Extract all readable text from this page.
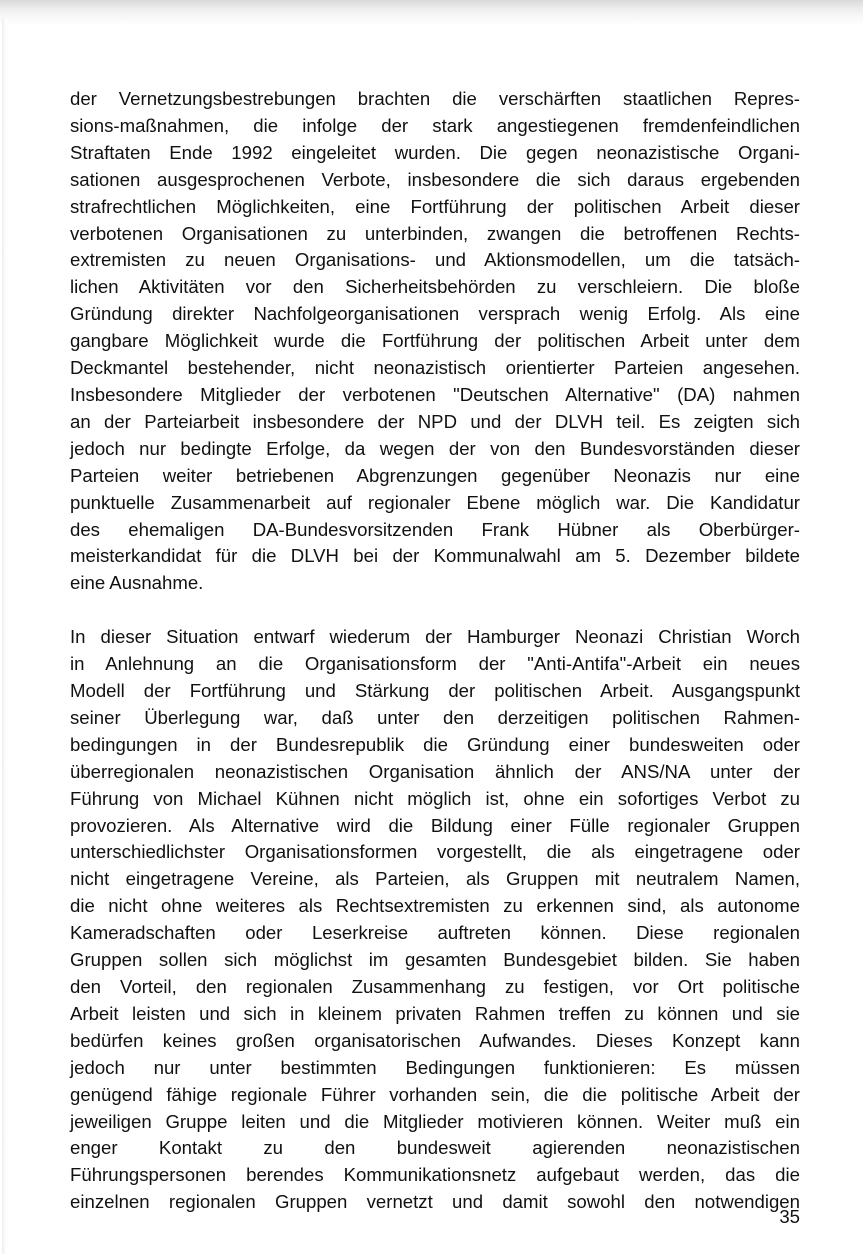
der Vernetzungsbestrebungen brachten die verschärften staatlichen Repres-
sions-maßnahmen, die infolge der stark angestiegenen fremdenfeindlichen
Straftaten Ende 1992 eingeleitet wurden. Die gegen neonazistische Organi-
sationen ausgesprochenen Verbote, insbesondere die sich daraus ergebenden
strafrechtlichen Möglichkeiten, eine Fortführung der politischen Arbeit dieser
verbotenen Organisationen zu unterbinden, zwangen die betroffenen Rechts-
extremisten zu neuen Organisations- und Aktionsmodellen, um die tatsäch-
lichen Aktivitäten vor den Sicherheitsbehörden zu verschleiern. Die bloße
Gründung direkter Nachfolgeorganisationen versprach wenig Erfolg. Als eine
gangbare Möglichkeit wurde die Fortführung der politischen Arbeit unter dem
Deckmantel bestehender, nicht neonazistisch orientierter Parteien angesehen.
Insbesondere Mitglieder der verbotenen "Deutschen Alternative" (DA) nahmen
an der Parteiarbeit insbesondere der NPD und der DLVH teil. Es zeigten sich
jedoch nur bedingte Erfolge, da wegen der von den Bundesvorständen dieser
Parteien weiter betriebenen Abgrenzungen gegenüber Neonazis nur eine
punktuelle Zusammenarbeit auf regionaler Ebene möglich war. Die Kandidatur
des ehemaligen DA-Bundesvorsitzenden Frank Hübner als Oberbürger-
meisterkandidat für die DLVH bei der Kommunalwahl am 5. Dezember bildete
eine Ausnahme.
In dieser Situation entwarf wiederum der Hamburger Neonazi Christian Worch
in Anlehnung an die Organisationsform der "Anti-Antifa"-Arbeit ein neues
Modell der Fortführung und Stärkung der politischen Arbeit. Ausgangspunkt
seiner Überlegung war, daß unter den derzeitigen politischen Rahmen-
bedingungen in der Bundesrepublik die Gründung einer bundesweiten oder
überregionalen neonazistischen Organisation ähnlich der ANS/NA unter der
Führung von Michael Kühnen nicht möglich ist, ohne ein sofortiges Verbot zu
provozieren. Als Alternative wird die Bildung einer Fülle regionaler Gruppen
unterschiedlichster Organisationsformen vorgestellt, die als eingetragene oder
nicht eingetragene Vereine, als Parteien, als Gruppen mit neutralem Namen,
die nicht ohne weiteres als Rechtsextremisten zu erkennen sind, als autonome
Kameradschaften oder Leserkreise auftreten können. Diese regionalen
Gruppen sollen sich möglichst im gesamten Bundesgebiet bilden. Sie haben
den Vorteil, den regionalen Zusammenhang zu festigen, vor Ort politische
Arbeit leisten und sich in kleinem privaten Rahmen treffen zu können und sie
bedürfen keines großen organisatorischen Aufwandes. Dieses Konzept kann
jedoch nur unter bestimmten Bedingungen funktionieren: Es müssen
genügend fähige regionale Führer vorhanden sein, die die politische Arbeit der
jeweiligen Gruppe leiten und die Mitglieder motivieren können. Weiter muß ein
enger Kontakt zu den bundesweit agierenden neonazistischen
Führungspersonen berendes Kommunikationsnetz aufgebaut werden, das die
einzelnen regionalen Gruppen vernetzt und damit sowohl den notwendigen
35
